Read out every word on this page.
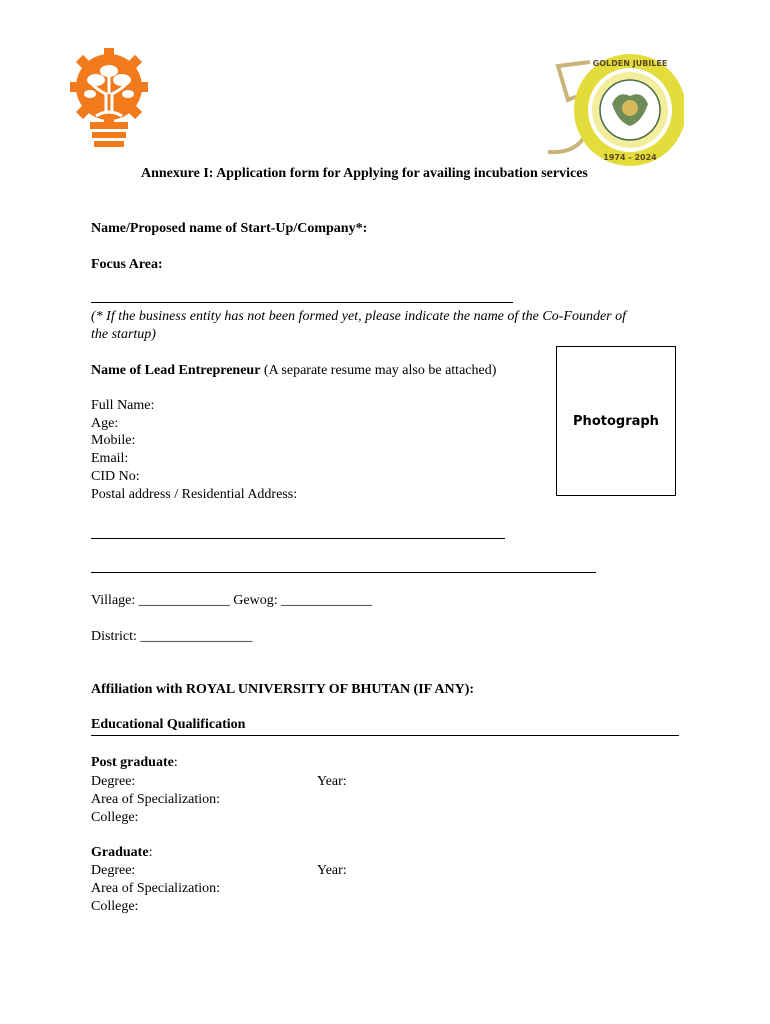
GOLDEN JUBILEE
1974 - 2024
Annexure I: Application form for Applying for availing incubation services
Name/Proposed name of Start-Up/Company*:
Focus Area:
(* If the business entity has not been formed yet, please indicate the name of the Co-Founder of
the startup)
Name of Lead Entrepreneur (A separate resume may also be attached)
Full Name:
Age:
Mobile:
Email:
CID No:
Postal address / Residential Address:
Photograph
Village: _____________ Gewog: _____________
District: ________________
Affiliation with ROYAL UNIVERSITY OF BHUTAN (IF ANY):
Educational Qualification
Post graduate:
Degree:	Year:
Area of Specialization:
College:
Graduate:
Degree:	Year:
Area of Specialization:
College:
